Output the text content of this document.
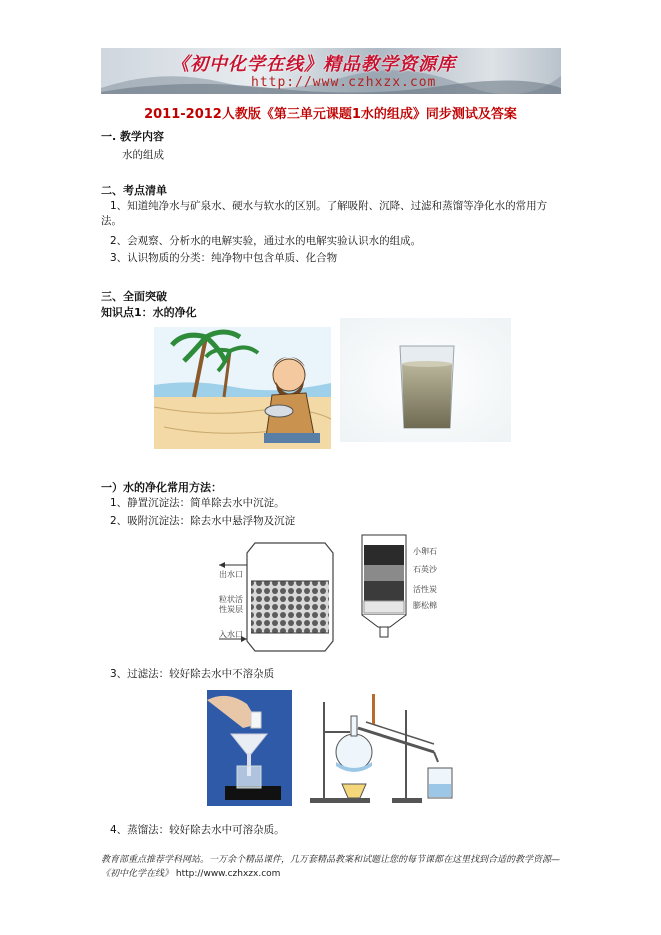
《初中化学在线》精品教学资源库
http://www.czhxzx.com
2011-2012人教版《第三单元课题1水的组成》同步测试及答案
一. 教学内容
水的组成
二、考点清单
1、知道纯净水与矿泉水、硬水与软水的区别。了解吸附、沉降、过滤和蒸馏等净化水的常用方法。
2、会观察、分析水的电解实验，通过水的电解实验认识水的组成。
3、认识物质的分类：纯净物中包含单质、化合物
三、全面突破
知识点1：水的净化
一）水的净化常用方法：
1、静置沉淀法：简单除去水中沉淀。
2、吸附沉淀法：除去水中悬浮物及沉淀
出水口
粒状活性炭层
入水口
小卵石
石英沙
活性炭
膨松棉
3、过滤法：较好除去水中不溶杂质
4、蒸馏法：较好除去水中可溶杂质。
教育部重点推荐学科网站。一万余个精品课件，几万套精品教案和试题让您的每节课都在这里找到合适的教学资源—《初中化学在线》 http://www.czhxzx.com
